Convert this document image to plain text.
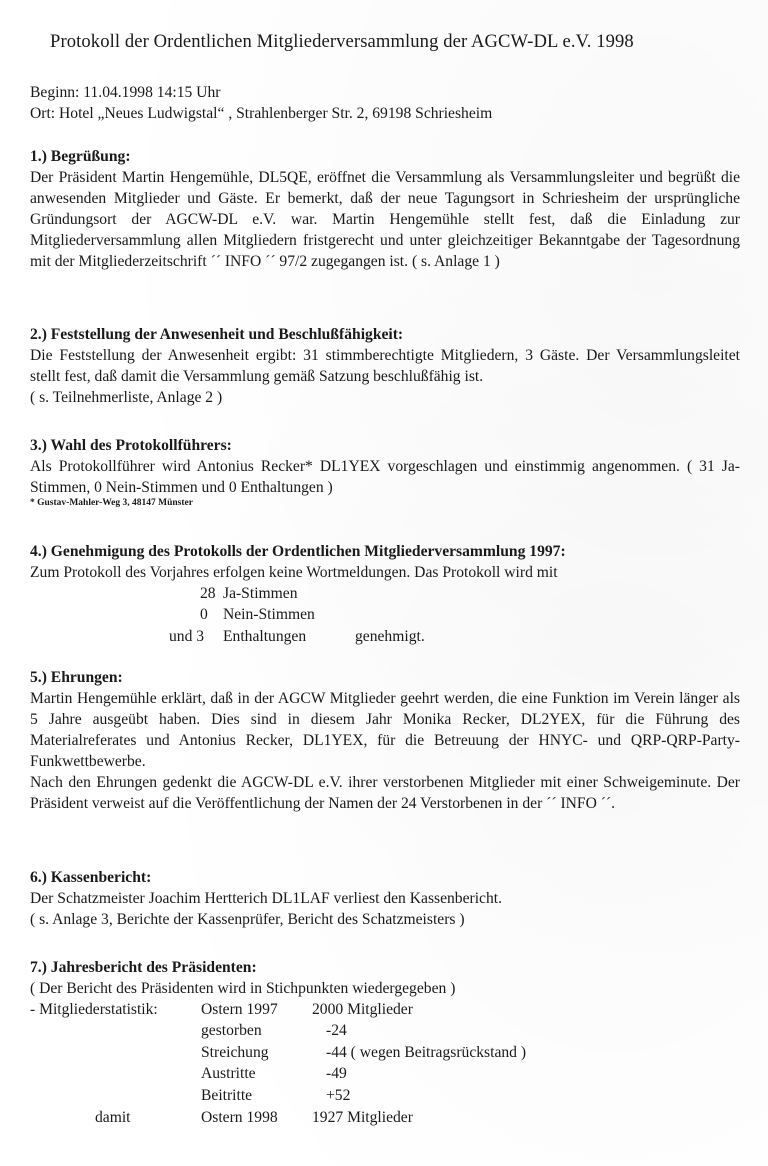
Protokoll der Ordentlichen Mitgliederversammlung der AGCW-DL e.V. 1998
Beginn: 11.04.1998 14:15 Uhr
Ort: Hotel „Neues Ludwigstal“ , Strahlenberger Str. 2, 69198 Schriesheim
1.) Begrüßung:

Der Präsident Martin Hengemühle, DL5QE, eröffnet die Versammlung als Versammlungsleiter und begrüßt die anwesenden Mitglieder und Gäste. Er bemerkt, daß der neue Tagungsort in Schriesheim der ursprüngliche Gründungsort der AGCW-DL e.V. war. Martin Hengemühle stellt fest, daß die Einladung zur Mitgliederversammlung allen Mitgliedern fristgerecht und unter gleichzeitiger Bekanntgabe der Tagesordnung mit der Mitgliederzeitschrift ´´ INFO ´´ 97/2 zugegangen ist. ( s. Anlage 1 )

2.) Feststellung der Anwesenheit und Beschlußfähigkeit:

Die Feststellung der Anwesenheit ergibt: 31 stimmberechtigte Mitgliedern, 3 Gäste. Der Versammlungsleitet stellt fest, daß damit die Versammlung gemäß Satzung beschlußfähig ist.

( s. Teilnehmerliste, Anlage 2 )

3.) Wahl des Protokollführers:

Als Protokollführer wird Antonius Recker* DL1YEX vorgeschlagen und einstimmig angenommen. ( 31 Ja-Stimmen, 0 Nein-Stimmen und 0 Enthaltungen )

* Gustav-Mahler-Weg 3, 48147 Münster
4.) Genehmigung des Protokolls der Ordentlichen Mitgliederversammlung 1997:

Zum Protokoll des Vorjahres erfolgen keine Wortmeldungen. Das Protokoll wird mit

28 Ja-Stimmen
0 Nein-Stimmen
und 3 Enthaltungen	genehmigt.
5.) Ehrungen:

Martin Hengemühle erklärt, daß in der AGCW Mitglieder geehrt werden, die eine Funktion im Verein länger als 5 Jahre ausgeübt haben. Dies sind in diesem Jahr Monika Recker, DL2YEX, für die Führung des Materialreferates und Antonius Recker, DL1YEX, für die Betreuung der HNYC- und QRP-QRP-Party-Funkwettbewerbe.

Nach den Ehrungen gedenkt die AGCW-DL e.V. ihrer verstorbenen Mitglieder mit einer Schweigeminute. Der Präsident verweist auf die Veröffentlichung der Namen der 24 Verstorbenen in der ´´ INFO ´´.

6.) Kassenbericht:

Der Schatzmeister Joachim Hertterich DL1LAF verliest den Kassenbericht.

( s. Anlage 3, Berichte der Kassenprüfer, Bericht des Schatzmeisters )

7.) Jahresbericht des Präsidenten:

( Der Bericht des Präsidenten wird in Stichpunkten wiedergegeben )

- Mitgliederstatistik:	Ostern 1997 2000 Mitglieder
gestorben	-24
Streichung	-44 ( wegen Beitragsrückstand )
Austritte	-49
Beitritte	+52
damit	Ostern 1998 1927 Mitglieder
